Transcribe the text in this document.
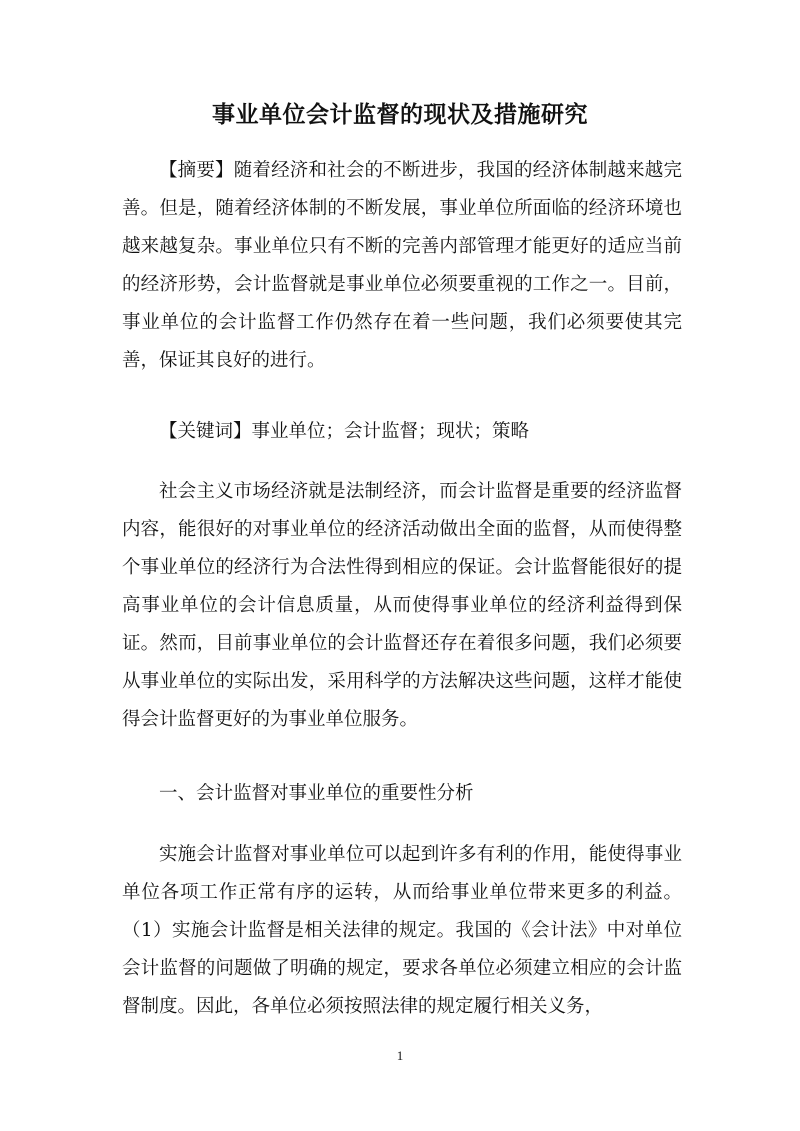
事业单位会计监督的现状及措施研究

【摘要】随着经济和社会的不断进步，我国的经济体制越来越完善。但是，随着经济体制的不断发展，事业单位所面临的经济环境也越来越复杂。事业单位只有不断的完善内部管理才能更好的适应当前的经济形势，会计监督就是事业单位必须要重视的工作之一。目前，事业单位的会计监督工作仍然存在着一些问题，我们必须要使其完善，保证其良好的进行。

【关键词】事业单位；会计监督；现状；策略

社会主义市场经济就是法制经济，而会计监督是重要的经济监督内容，能很好的对事业单位的经济活动做出全面的监督，从而使得整个事业单位的经济行为合法性得到相应的保证。会计监督能很好的提高事业单位的会计信息质量，从而使得事业单位的经济利益得到保证。然而，目前事业单位的会计监督还存在着很多问题，我们必须要从事业单位的实际出发，采用科学的方法解决这些问题，这样才能使得会计监督更好的为事业单位服务。

一、会计监督对事业单位的重要性分析

实施会计监督对事业单位可以起到许多有利的作用，能使得事业单位各项工作正常有序的运转，从而给事业单位带来更多的利益。（1）实施会计监督是相关法律的规定。我国的《会计法》中对单位会计监督的问题做了明确的规定，要求各单位必须建立相应的会计监督制度。因此，各单位必须按照法律的规定履行相关义务，

1
